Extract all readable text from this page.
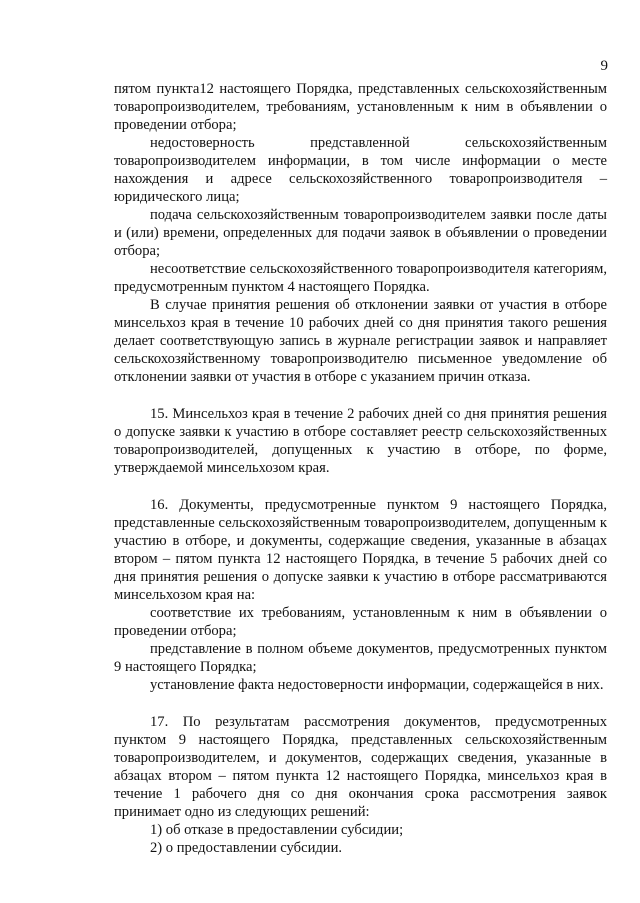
9

пятом пункта12 настоящего Порядка, представленных сельскохозяйственным товаропроизводителем, требованиям, установленным к ним в объявлении о проведении отбора;

недостоверность представленной сельскохозяйственным товаропроизводителем информации, в том числе информации о месте нахождения и адресе сельскохозяйственного товаропроизводителя – юридического лица;

подача сельскохозяйственным товаропроизводителем заявки после даты и (или) времени, определенных для подачи заявок в объявлении о проведении отбора;

несоответствие сельскохозяйственного товаропроизводителя категориям, предусмотренным пунктом 4 настоящего Порядка.

В случае принятия решения об отклонении заявки от участия в отборе минсельхоз края в течение 10 рабочих дней со дня принятия такого решения делает соответствующую запись в журнале регистрации заявок и направляет сельскохозяйственному товаропроизводителю письменное уведомление об отклонении заявки от участия в отборе с указанием причин отказа.

15. Минсельхоз края в течение 2 рабочих дней со дня принятия решения о допуске заявки к участию в отборе составляет реестр сельскохозяйственных товаропроизводителей, допущенных к участию в отборе, по форме, утверждаемой минсельхозом края.

16. Документы, предусмотренные пунктом 9 настоящего Порядка, представленные сельскохозяйственным товаропроизводителем, допущенным к участию в отборе, и документы, содержащие сведения, указанные в абзацах втором – пятом пункта 12 настоящего Порядка, в течение 5 рабочих дней со дня принятия решения о допуске заявки к участию в отборе рассматриваются минсельхозом края на:

соответствие их требованиям, установленным к ним в объявлении о проведении отбора;

представление в полном объеме документов, предусмотренных пунктом 9 настоящего Порядка;

установление факта недостоверности информации, содержащейся в них.

17. По результатам рассмотрения документов, предусмотренных пунктом 9 настоящего Порядка, представленных сельскохозяйственным товаропроизводителем, и документов, содержащих сведения, указанные в абзацах втором – пятом пункта 12 настоящего Порядка, минсельхоз края в течение 1 рабочего дня со дня окончания срока рассмотрения заявок принимает одно из следующих решений:

1) об отказе в предоставлении субсидии;

2) о предоставлении субсидии.
